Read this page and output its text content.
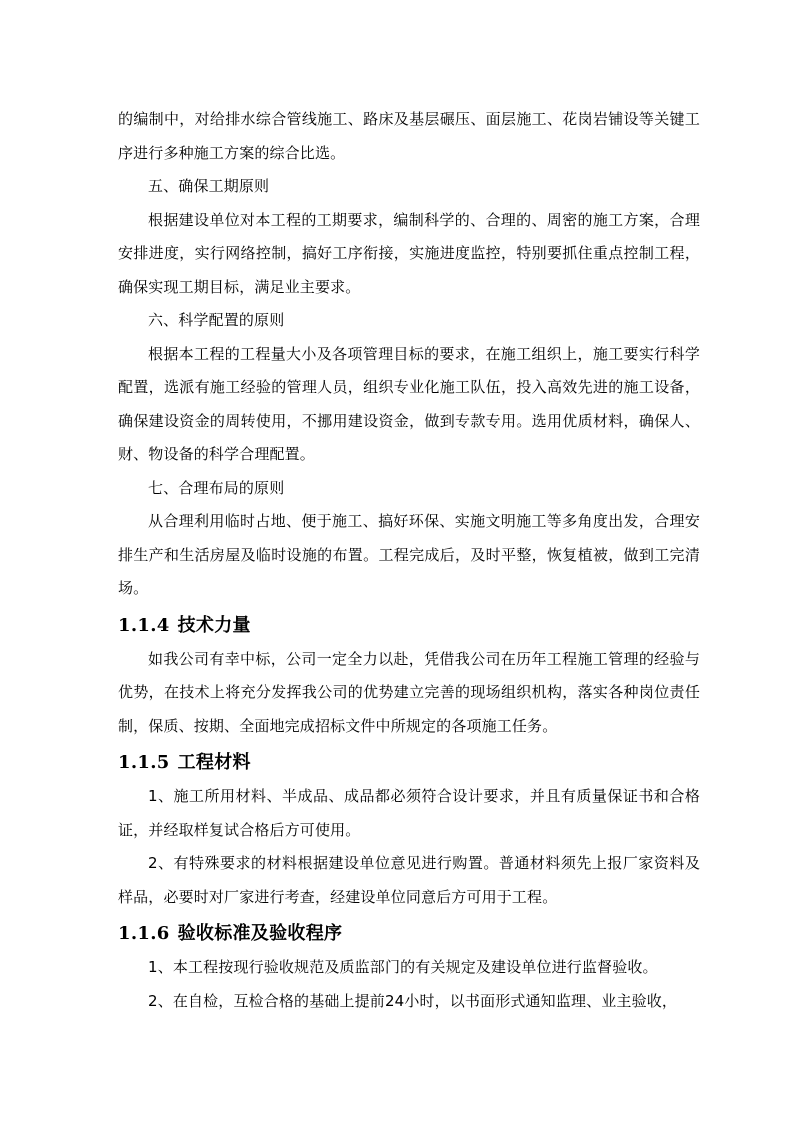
的编制中，对给排水综合管线施工、路床及基层碾压、面层施工、花岗岩铺设等关键工序进行多种施工方案的综合比选。

五、确保工期原则

根据建设单位对本工程的工期要求，编制科学的、合理的、周密的施工方案，合理安排进度，实行网络控制，搞好工序衔接，实施进度监控，特别要抓住重点控制工程，确保实现工期目标，满足业主要求。

六、科学配置的原则

根据本工程的工程量大小及各项管理目标的要求，在施工组织上，施工要实行科学配置，选派有施工经验的管理人员，组织专业化施工队伍，投入高效先进的施工设备，确保建设资金的周转使用，不挪用建设资金，做到专款专用。选用优质材料，确保人、财、物设备的科学合理配置。

七、合理布局的原则

从合理利用临时占地、便于施工、搞好环保、实施文明施工等多角度出发，合理安排生产和生活房屋及临时设施的布置。工程完成后，及时平整，恢复植被，做到工完清场。

1.1.4 技术力量

如我公司有幸中标，公司一定全力以赴，凭借我公司在历年工程施工管理的经验与优势，在技术上将充分发挥我公司的优势建立完善的现场组织机构，落实各种岗位责任制，保质、按期、全面地完成招标文件中所规定的各项施工任务。

1.1.5 工程材料

1、施工所用材料、半成品、成品都必须符合设计要求，并且有质量保证书和合格证，并经取样复试合格后方可使用。

2、有特殊要求的材料根据建设单位意见进行购置。普通材料须先上报厂家资料及样品，必要时对厂家进行考查，经建设单位同意后方可用于工程。

1.1.6 验收标准及验收程序

1、本工程按现行验收规范及质监部门的有关规定及建设单位进行监督验收。

2、在自检，互检合格的基础上提前24小时，以书面形式通知监理、业主验收，
